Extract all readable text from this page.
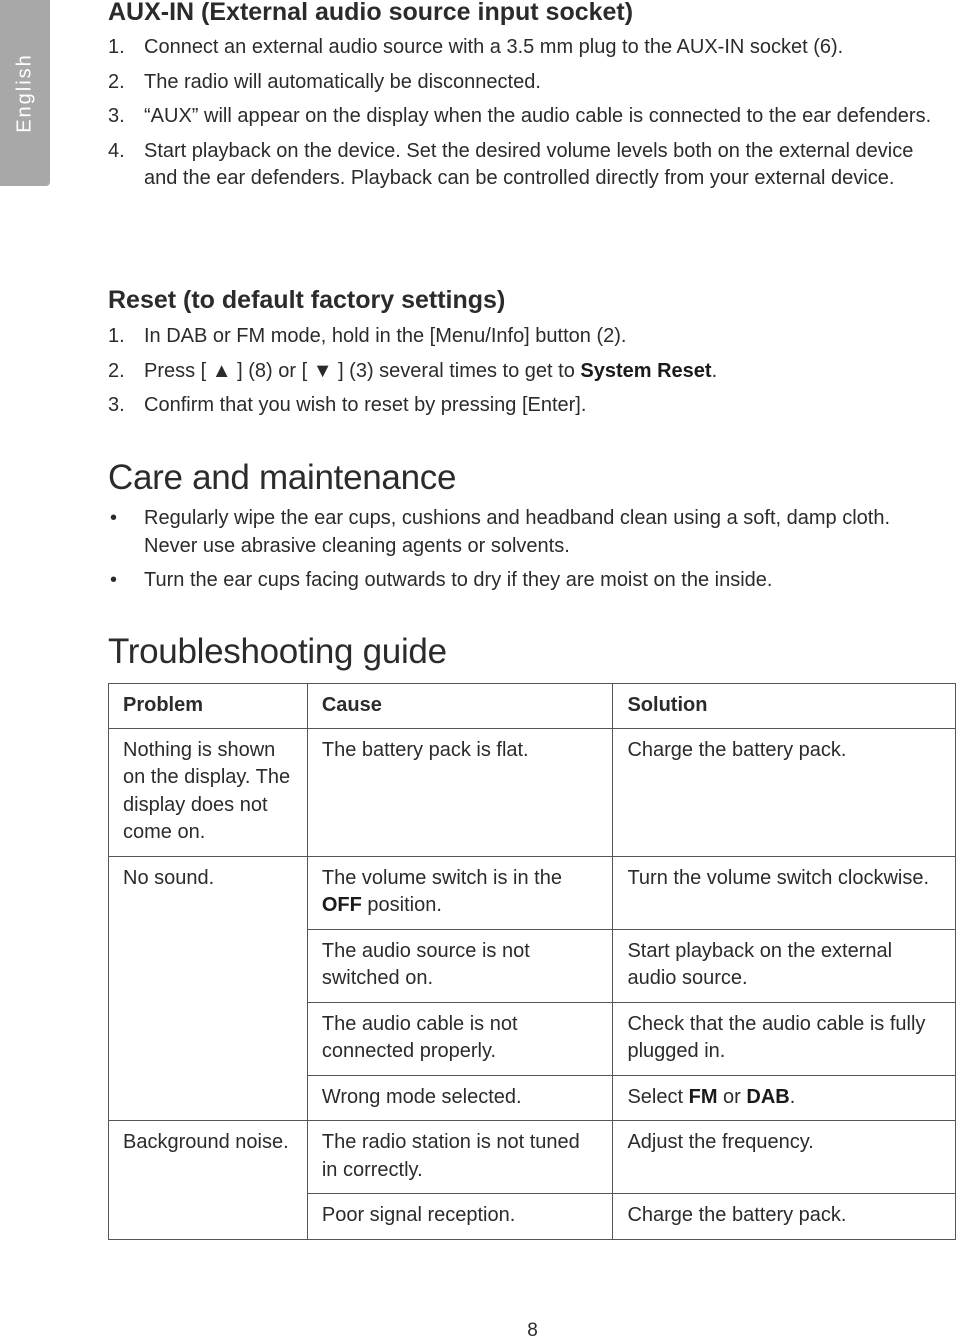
English
AUX-IN (External audio source input socket)
1. Connect an external audio source with a 3.5 mm plug to the AUX-IN socket (6).
2. The radio will automatically be disconnected.
3. “AUX” will appear on the display when the audio cable is connected to the ear defenders.
4. Start playback on the device. Set the desired volume levels both on the external device and the ear defenders. Playback can be controlled directly from your external device.
Reset (to default factory settings)
1. In DAB or FM mode, hold in the [Menu/Info] button (2).
2. Press [ ▲ ] (8) or [ ▼ ] (3) several times to get to System Reset.
3. Confirm that you wish to reset by pressing [Enter].
Care and maintenance
• Regularly wipe the ear cups, cushions and headband clean using a soft, damp cloth. Never use abrasive cleaning agents or solvents.
• Turn the ear cups facing outwards to dry if they are moist on the inside.
Troubleshooting guide
Problem	Cause	Solution
Nothing is shown on the display. The display does not come on.	The battery pack is flat.	Charge the battery pack.
No sound.	The volume switch is in the OFF position.	Turn the volume switch clockwise.
	The audio source is not switched on.	Start playback on the external audio source.
	The audio cable is not connected properly.	Check that the audio cable is fully plugged in.
	Wrong mode selected.	Select FM or DAB.
Background noise.	The radio station is not tuned in correctly.	Adjust the frequency.
	Poor signal reception.	Charge the battery pack.
8
